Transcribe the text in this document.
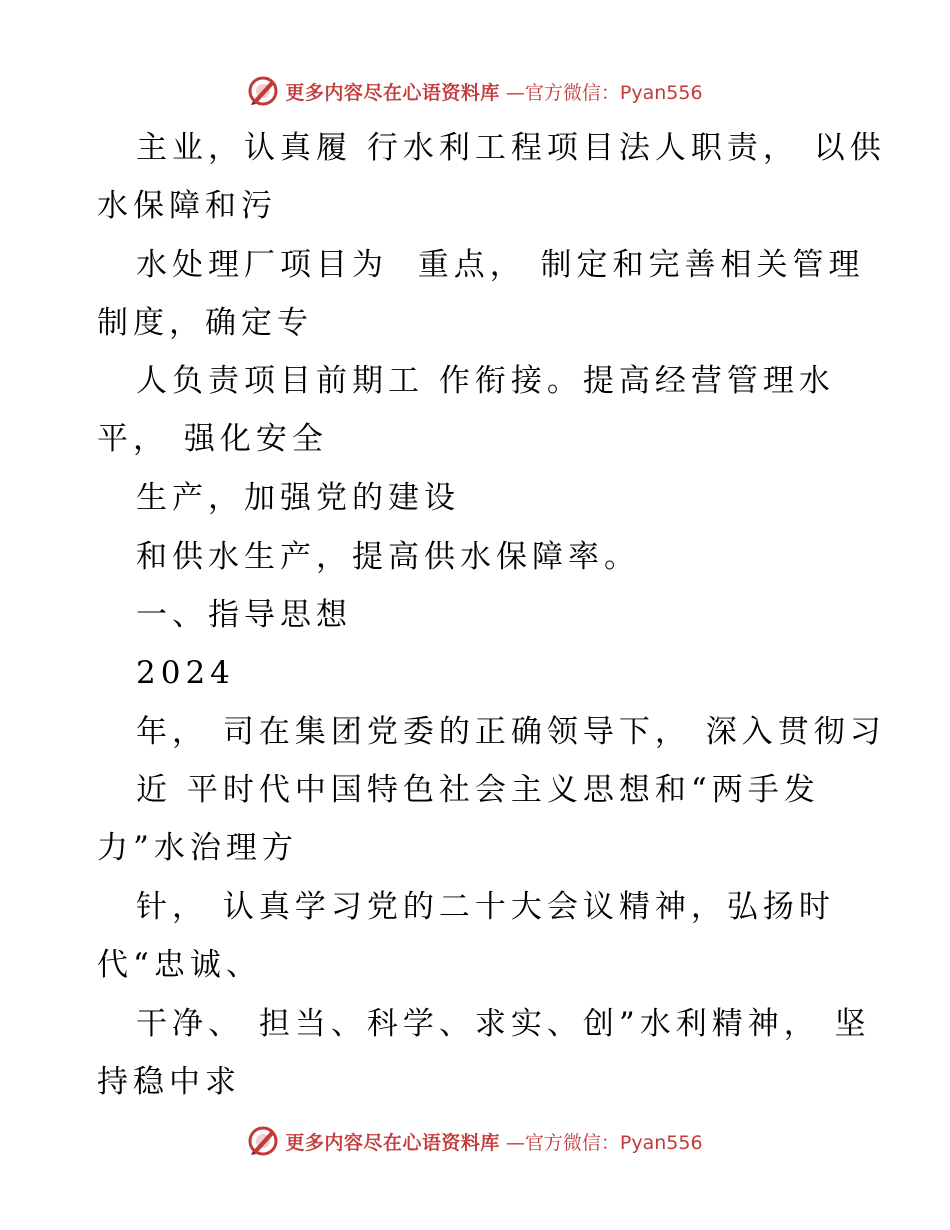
更多内容尽在心语资料库 —官方微信：Pyan556
主业，认真履 行水利工程项目法人职责， 以供
水保障和污
水处理厂项目为  重点， 制定和完善相关管理
制度，确定专
人负责项目前期工 作衔接。提高经营管理水
平， 强化安全
生产，加强党的建设
和供水生产，提高供水保障率。
一、指导思想
2024
年， 司在集团党委的正确领导下， 深入贯彻习
近 平时代中国特色社会主义思想和“两手发
力”水治理方
针， 认真学习党的二十大会议精神，弘扬时
代“忠诚、
干净、 担当、科学、求实、创”水利精神， 坚
持稳中求
更多内容尽在心语资料库 —官方微信：Pyan556
